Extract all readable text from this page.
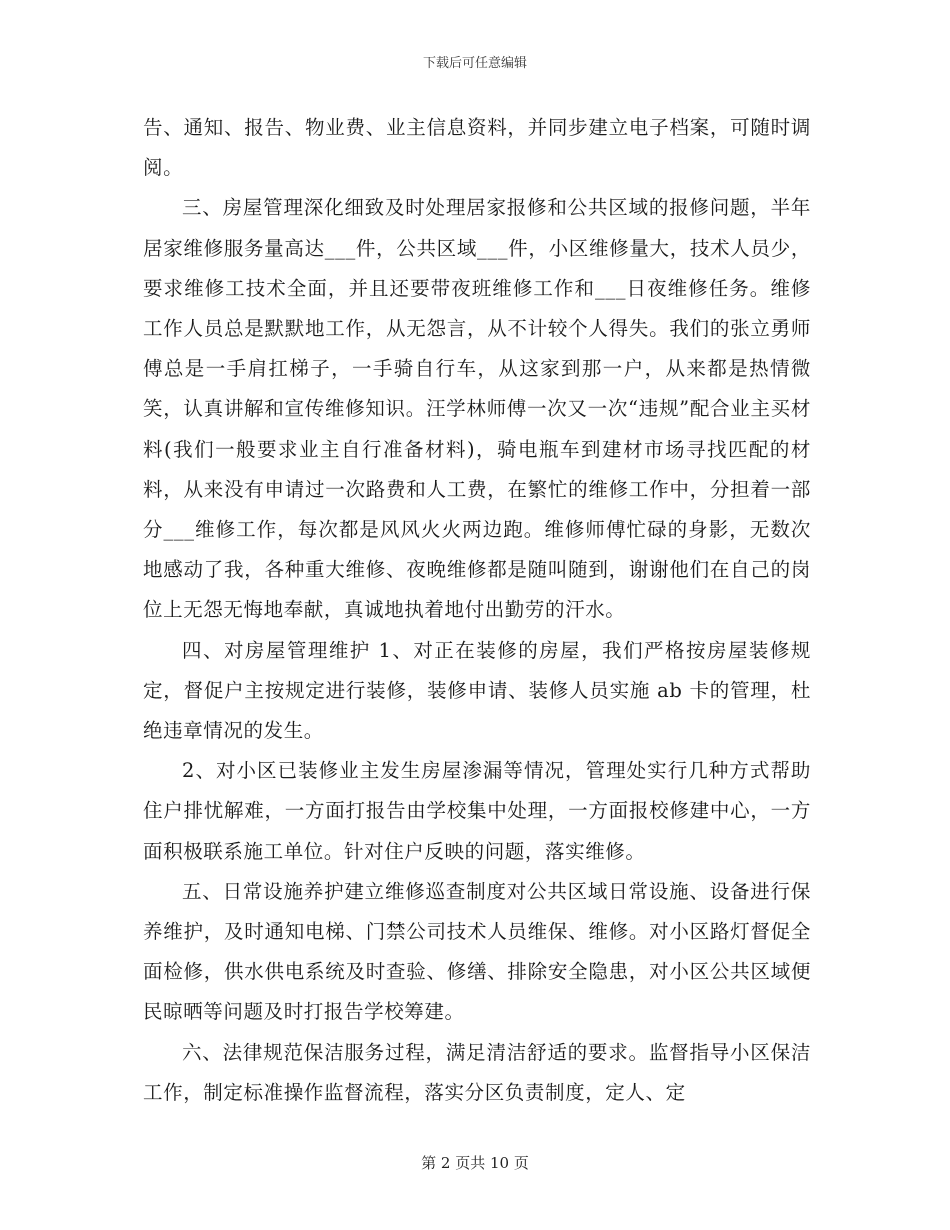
下载后可任意编辑

告、通知、报告、物业费、业主信息资料，并同步建立电子档案，可随时调阅。

三、房屋管理深化细致及时处理居家报修和公共区域的报修问题，半年居家维修服务量高达___件，公共区域___件，小区维修量大，技术人员少，要求维修工技术全面，并且还要带夜班维修工作和___日夜维修任务。维修工作人员总是默默地工作，从无怨言，从不计较个人得失。我们的张立勇师傅总是一手肩扛梯子，一手骑自行车，从这家到那一户，从来都是热情微笑，认真讲解和宣传维修知识。汪学林师傅一次又一次“违规”配合业主买材料(我们一般要求业主自行准备材料)，骑电瓶车到建材市场寻找匹配的材料，从来没有申请过一次路费和人工费，在繁忙的维修工作中，分担着一部分___维修工作，每次都是风风火火两边跑。维修师傅忙碌的身影，无数次地感动了我，各种重大维修、夜晚维修都是随叫随到，谢谢他们在自己的岗位上无怨无悔地奉献，真诚地执着地付出勤劳的汗水。

四、对房屋管理维护 1、对正在装修的房屋，我们严格按房屋装修规定，督促户主按规定进行装修，装修申请、装修人员实施 ab 卡的管理，杜绝违章情况的发生。

2、对小区已装修业主发生房屋渗漏等情况，管理处实行几种方式帮助住户排忧解难，一方面打报告由学校集中处理，一方面报校修建中心，一方面积极联系施工单位。针对住户反映的问题，落实维修。

五、日常设施养护建立维修巡查制度对公共区域日常设施、设备进行保养维护，及时通知电梯、门禁公司技术人员维保、维修。对小区路灯督促全面检修，供水供电系统及时查验、修缮、排除安全隐患，对小区公共区域便民晾晒等问题及时打报告学校筹建。

六、法律规范保洁服务过程，满足清洁舒适的要求。监督指导小区保洁工作，制定标准操作监督流程，落实分区负责制度，定人、定

第 2 页共 10 页
